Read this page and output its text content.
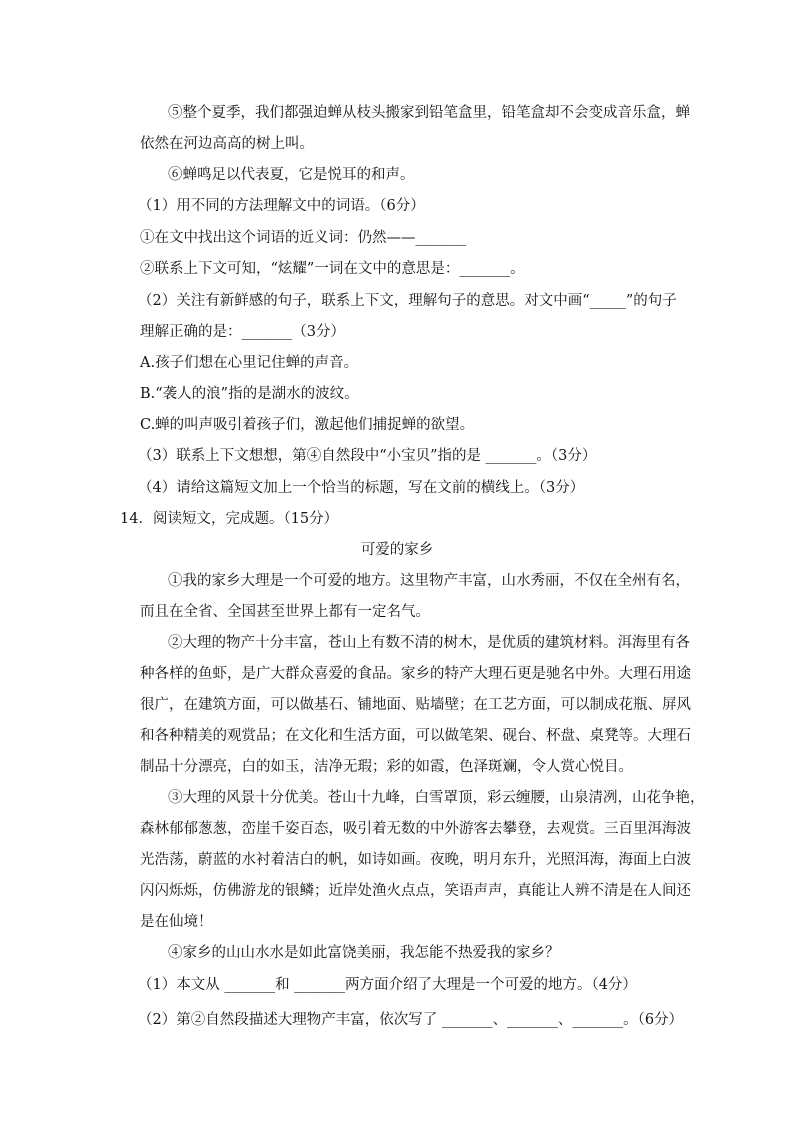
⑤整个夏季，我们都强迫蝉从枝头搬家到铅笔盒里，铅笔盒却不会变成音乐盒，蝉
依然在河边高高的树上叫。
⑥蝉鸣足以代表夏，它是悦耳的和声。
（1）用不同的方法理解文中的词语。（6分）
①在文中找出这个词语的近义词：仍然——_______
②联系上下文可知，“炫耀”一词在文中的意思是：_______。
（2）关注有新鲜感的句子，联系上下文，理解句子的意思。对文中画“_____”的句子
理解正确的是：_______（3分）
A.孩子们想在心里记住蝉的声音。
B.“袭人的浪”指的是湖水的波纹。
C.蝉的叫声吸引着孩子们，激起他们捕捉蝉的欲望。
（3）联系上下文想想，第④自然段中“小宝贝”指的是 _______。（3分）
（4）请给这篇短文加上一个恰当的标题，写在文前的横线上。（3分）
14．阅读短文，完成题。（15分）
可爱的家乡
①我的家乡大理是一个可爱的地方。这里物产丰富，山水秀丽，不仅在全州有名，
而且在全省、全国甚至世界上都有一定名气。
②大理的物产十分丰富，苍山上有数不清的树木，是优质的建筑材料。洱海里有各
种各样的鱼虾，是广大群众喜爱的食品。家乡的特产大理石更是驰名中外。大理石用途
很广，在建筑方面，可以做基石、铺地面、贴墙壁；在工艺方面，可以制成花瓶、屏风
和各种精美的观赏品；在文化和生活方面，可以做笔架、砚台、杯盘、桌凳等。大理石
制品十分漂亮，白的如玉，洁净无瑕；彩的如霞，色泽斑斓，令人赏心悦目。
③大理的风景十分优美。苍山十九峰，白雪罩顶，彩云缠腰，山泉清冽，山花争艳，
森林郁郁葱葱，峦崖千姿百态，吸引着无数的中外游客去攀登，去观赏。三百里洱海波
光浩荡，蔚蓝的水衬着洁白的帆，如诗如画。夜晚，明月东升，光照洱海，海面上白波
闪闪烁烁，仿佛游龙的银鳞；近岸处渔火点点，笑语声声，真能让人辨不清是在人间还
是在仙境！
④家乡的山山水水是如此富饶美丽，我怎能不热爱我的家乡？
（1）本文从 _______和 _______两方面介绍了大理是一个可爱的地方。（4分）
（2）第②自然段描述大理物产丰富，依次写了 _______、_______、_______。（6分）
